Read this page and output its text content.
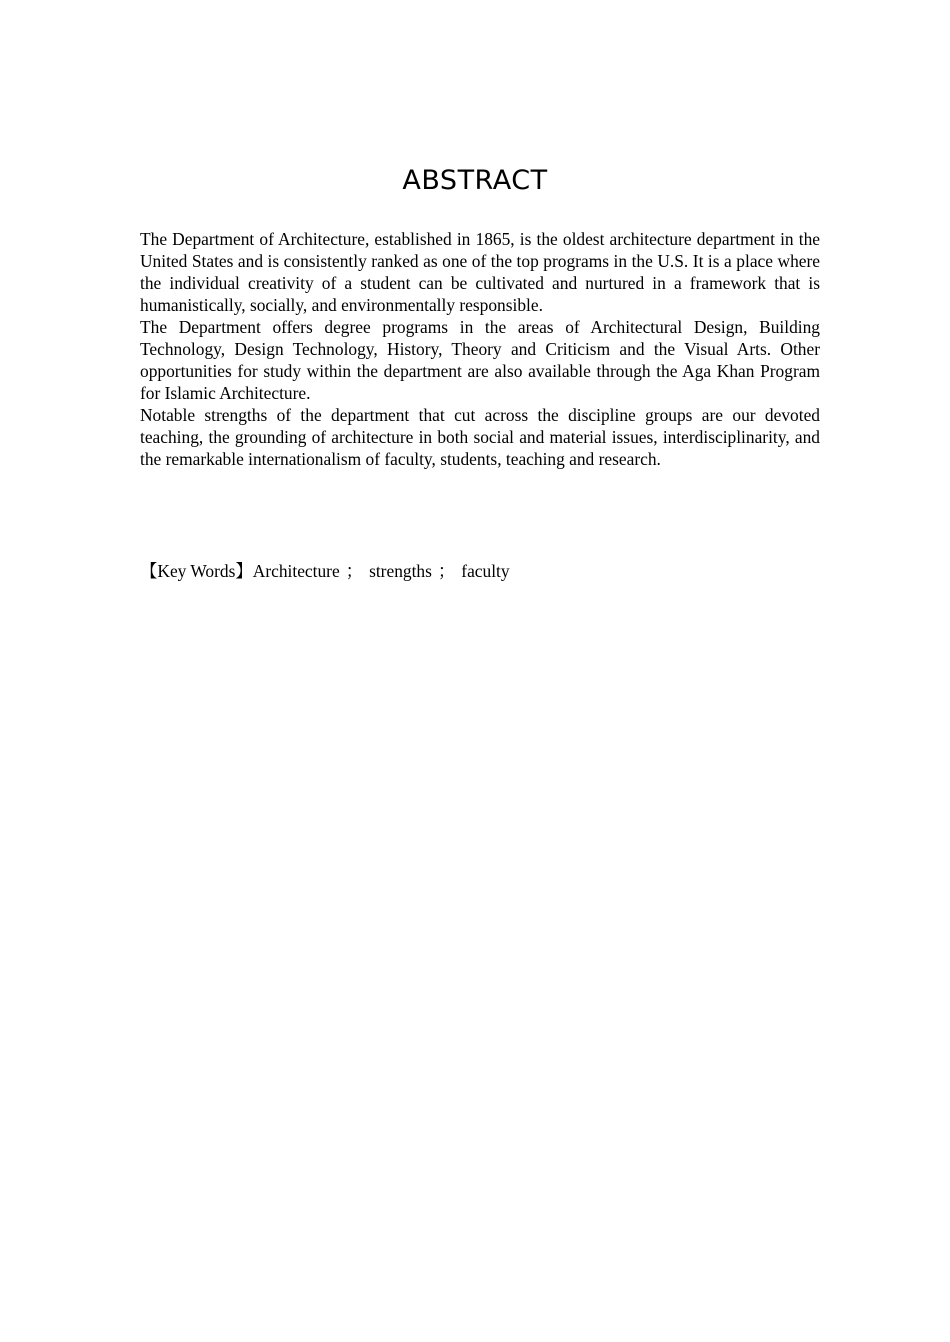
ABSTRACT

The Department of Architecture, established in 1865, is the oldest architecture department in the United States and is consistently ranked as one of the top programs in the U.S. It is a place where the individual creativity of a student can be cultivated and nurtured in a framework that is humanistically, socially, and environmentally responsible.

The Department offers degree programs in the areas of Architectural Design, Building Technology, Design Technology, History, Theory and Criticism and the Visual Arts. Other opportunities for study within the department are also available through the Aga Khan Program for Islamic Architecture.

Notable strengths of the department that cut across the discipline groups are our devoted teaching, the grounding of architecture in both social and material issues, interdisciplinarity, and the remarkable internationalism of faculty, students, teaching and research.

【Key Words】Architecture ； strengths ； faculty
